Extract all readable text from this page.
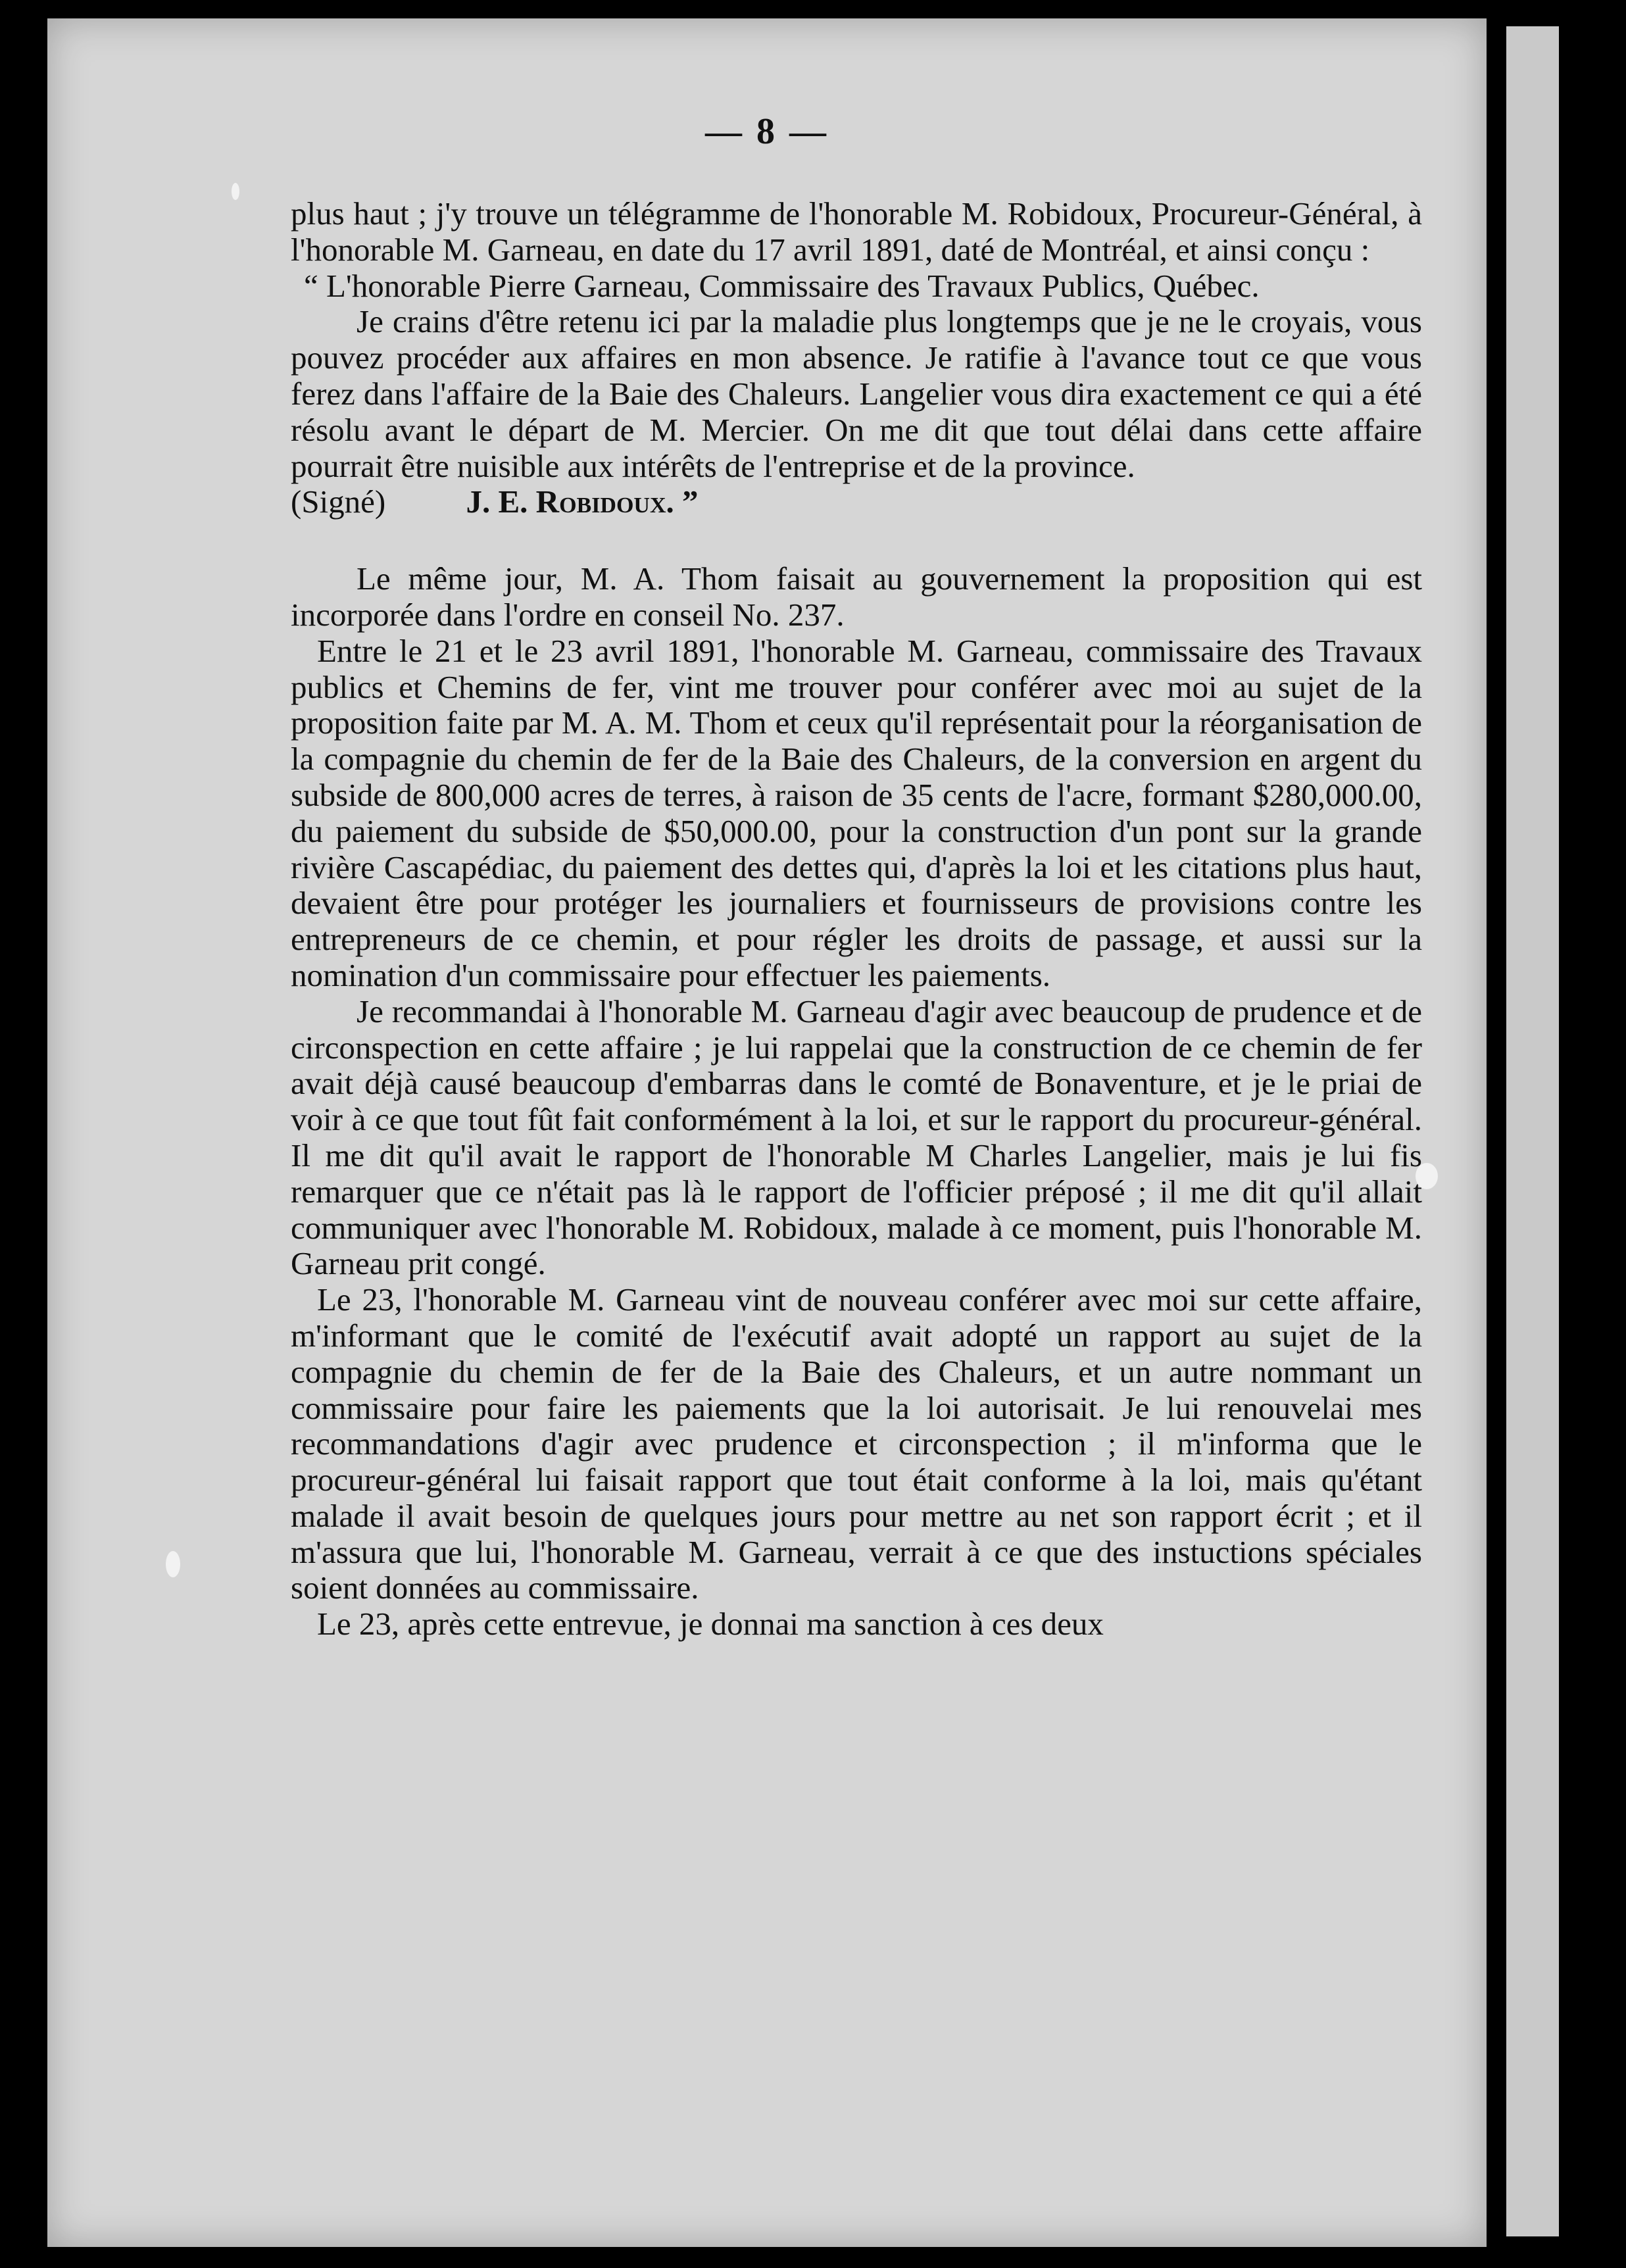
— 8 —

plus haut ; j'y trouve un télégramme de l'honorable M. Robidoux, Procureur-Général, à l'honorable M. Garneau, en date du 17 avril 1891, daté de Montréal, et ainsi conçu :

“ L'honorable Pierre Garneau, Commissaire des Travaux Publics, Québec.

Je crains d'être retenu ici par la maladie plus longtemps que je ne le croyais, vous pouvez procéder aux affaires en mon absence. Je ratifie à l'avance tout ce que vous ferez dans l'affaire de la Baie des Chaleurs. Langelier vous dira exactement ce qui a été résolu avant le départ de M. Mercier. On me dit que tout délai dans cette affaire pourrait être nuisible aux intérêts de l'entreprise et de la province.

(Signé) J. E. Robidoux. ”

Le même jour, M. A. Thom faisait au gouvernement la proposition qui est incorporée dans l'ordre en conseil No. 237.

Entre le 21 et le 23 avril 1891, l'honorable M. Garneau, commissaire des Travaux publics et Chemins de fer, vint me trouver pour conférer avec moi au sujet de la proposition faite par M. A. M. Thom et ceux qu'il représentait pour la réorganisation de la compagnie du chemin de fer de la Baie des Chaleurs, de la conversion en argent du subside de 800,000 acres de terres, à raison de 35 cents de l'acre, formant $280,000.00, du paiement du subside de $50,000.00, pour la construction d'un pont sur la grande rivière Cascapédiac, du paiement des dettes qui, d'après la loi et les citations plus haut, devaient être pour protéger les journaliers et fournisseurs de provisions contre les entrepreneurs de ce chemin, et pour régler les droits de passage, et aussi sur la nomination d'un commissaire pour effectuer les paiements.

Je recommandai à l'honorable M. Garneau d'agir avec beaucoup de prudence et de circonspection en cette affaire ; je lui rappelai que la construction de ce chemin de fer avait déjà causé beaucoup d'embarras dans le comté de Bonaventure, et je le priai de voir à ce que tout fût fait conformément à la loi, et sur le rapport du procureur-général. Il me dit qu'il avait le rapport de l'honorable M Charles Langelier, mais je lui fis remarquer que ce n'était pas là le rapport de l'officier préposé ; il me dit qu'il allait communiquer avec l'honorable M. Robidoux, malade à ce moment, puis l'honorable M. Garneau prit congé.

Le 23, l'honorable M. Garneau vint de nouveau conférer avec moi sur cette affaire, m'informant que le comité de l'exécutif avait adopté un rapport au sujet de la compagnie du chemin de fer de la Baie des Chaleurs, et un autre nommant un commissaire pour faire les paiements que la loi autorisait. Je lui renouvelai mes recommandations d'agir avec prudence et circonspection ; il m'informa que le procureur-général lui faisait rapport que tout était conforme à la loi, mais qu'étant malade il avait besoin de quelques jours pour mettre au net son rapport écrit ; et il m'assura que lui, l'honorable M. Garneau, verrait à ce que des instuctions spéciales soient données au commissaire.

Le 23, après cette entrevue, je donnai ma sanction à ces deux
